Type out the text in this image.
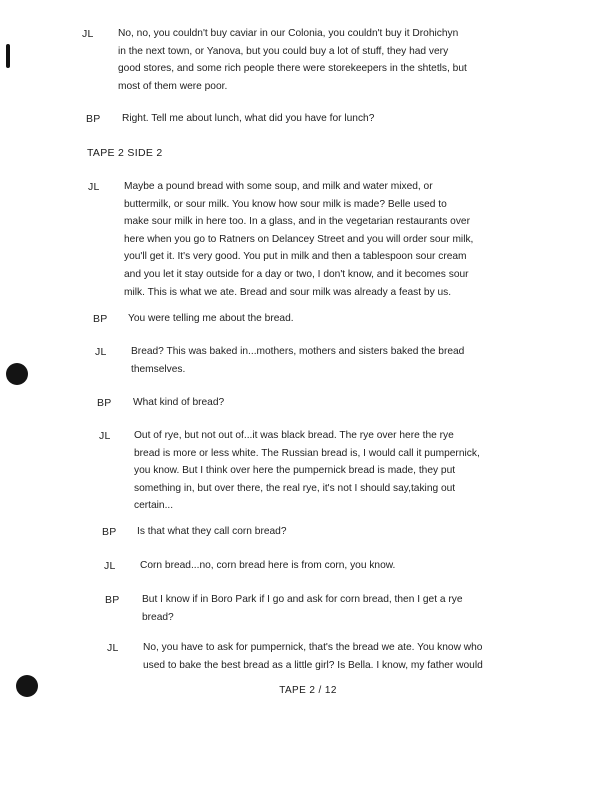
JL No, no, you couldn't buy caviar in our Colonia, you couldn't buy it Drohichyn
in the next town, or Yanova, but you could buy a lot of stuff, they had very
good stores, and some rich people there were storekeepers in the shtetls, but
most of them were poor.
BP Right. Tell me about lunch, what did you have for lunch?
TAPE 2 SIDE 2
JL Maybe a pound bread with some soup, and milk and water mixed, or
buttermilk, or sour milk. You know how sour milk is made? Belle used to
make sour milk in here too. In a glass, and in the vegetarian restaurants over
here when you go to Ratners on Delancey Street and you will order sour milk,
you'll get it. It's very good. You put in milk and then a tablespoon sour cream
and you let it stay outside for a day or two, I don't know, and it becomes sour
milk. This is what we ate. Bread and sour milk was already a feast by us.
BP You were telling me about the bread.
JL Bread? This was baked in...mothers, mothers and sisters baked the bread
themselves.
BP What kind of bread?
JL Out of rye, but not out of...it was black bread. The rye over here the rye
bread is more or less white. The Russian bread is, I would call it pumpernick,
you know. But I think over here the pumpernick bread is made, they put
something in, but over there, the real rye, it's not I should say,taking out
certain...
BP Is that what they call corn bread?
JL Corn bread...no, corn bread here is from corn, you know.
BP But I know if in Boro Park if I go and ask for corn bread, then I get a rye
bread?
JL No, you have to ask for pumpernick, that's the bread we ate. You know who
used to bake the best bread as a little girl? Is Bella. I know, my father would
TAPE 2 / 12
